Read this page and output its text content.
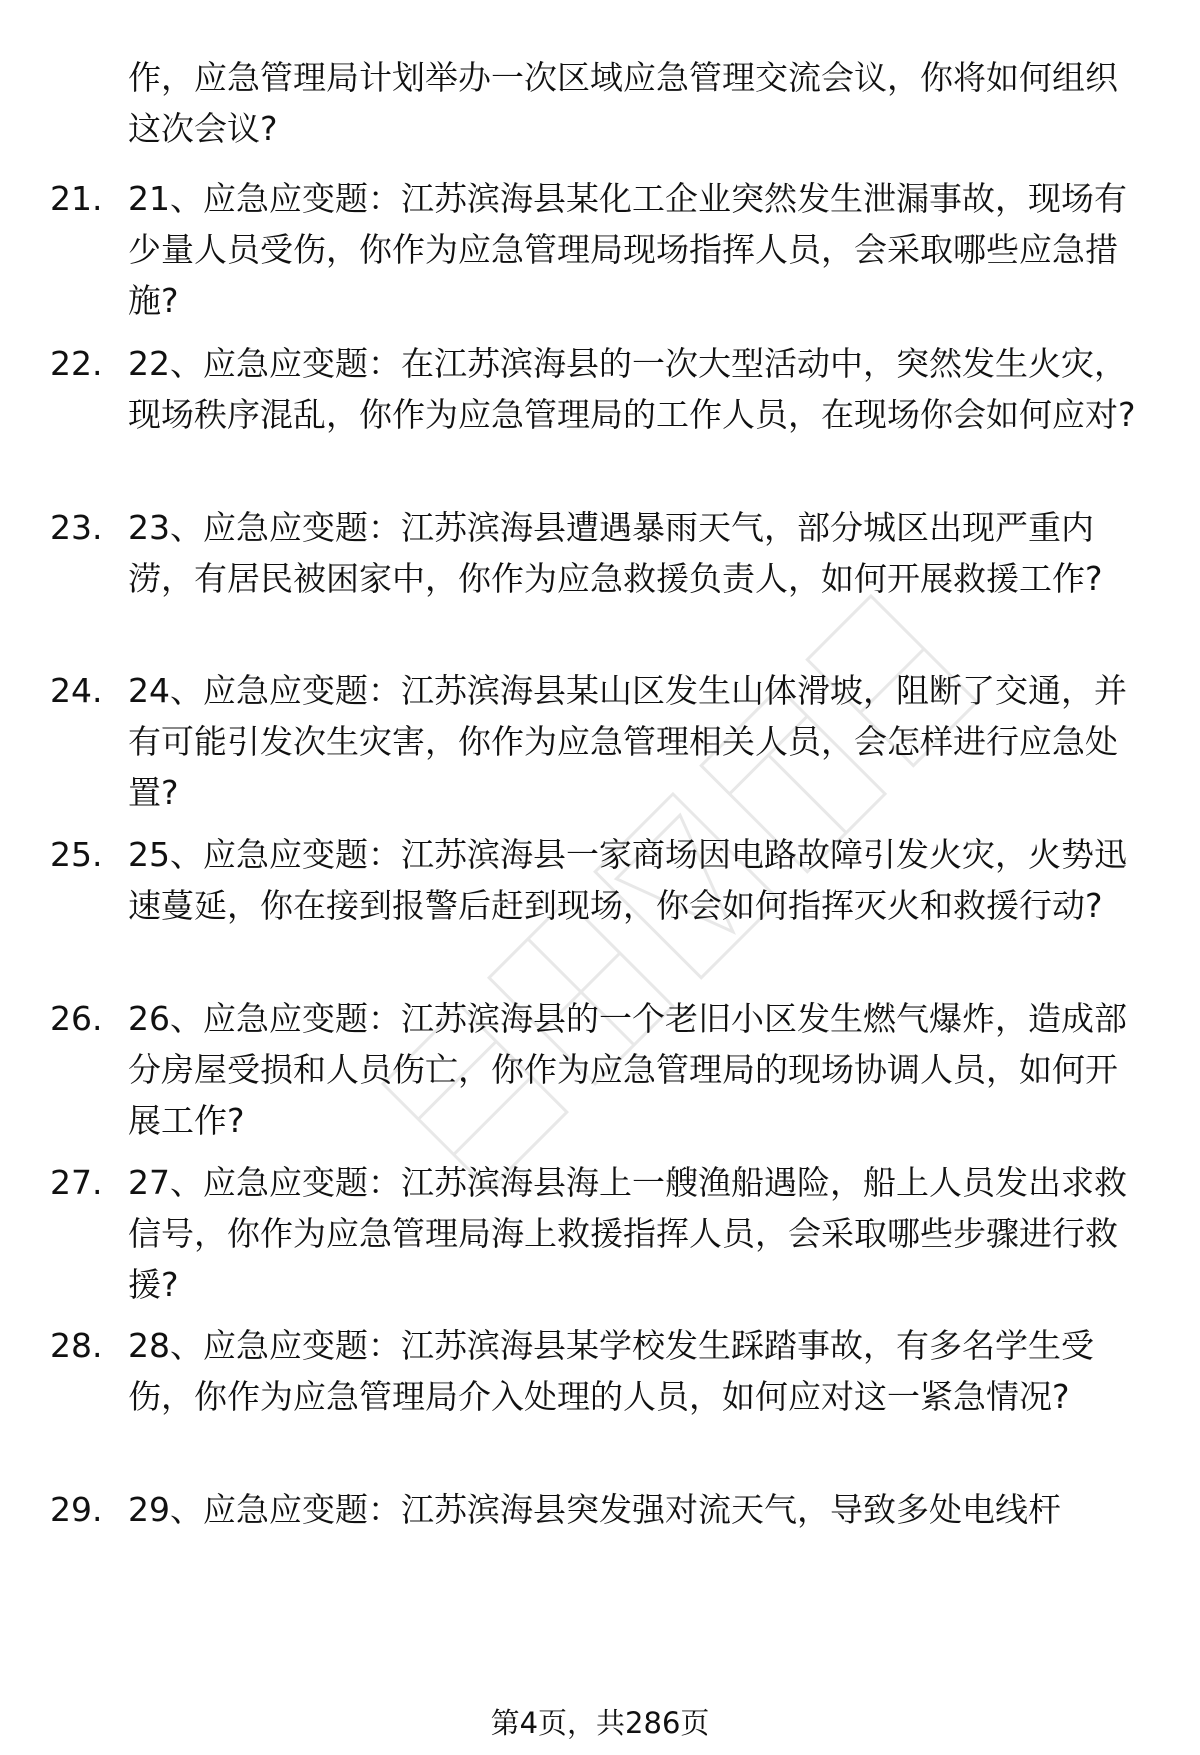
作，应急管理局计划举办一次区域应急管理交流会议，你将如何组织这次会议?
21. 21、应急应变题：江苏滨海县某化工企业突然发生泄漏事故，现场有少量人员受伤，你作为应急管理局现场指挥人员，会采取哪些应急措施?
22. 22、应急应变题：在江苏滨海县的一次大型活动中，突然发生火灾，现场秩序混乱，你作为应急管理局的工作人员，在现场你会如何应对?
23. 23、应急应变题：江苏滨海县遭遇暴雨天气，部分城区出现严重内涝，有居民被困家中，你作为应急救援负责人，如何开展救援工作?
24. 24、应急应变题：江苏滨海县某山区发生山体滑坡，阻断了交通，并有可能引发次生灾害，你作为应急管理相关人员，会怎样进行应急处置?
25. 25、应急应变题：江苏滨海县一家商场因电路故障引发火灾，火势迅速蔓延，你在接到报警后赶到现场，你会如何指挥灭火和救援行动?
26. 26、应急应变题：江苏滨海县的一个老旧小区发生燃气爆炸，造成部分房屋受损和人员伤亡，你作为应急管理局的现场协调人员，如何开展工作?
27. 27、应急应变题：江苏滨海县海上一艘渔船遇险，船上人员发出求救信号，你作为应急管理局海上救援指挥人员，会采取哪些步骤进行救援?
28. 28、应急应变题：江苏滨海县某学校发生踩踏事故，有多名学生受伤，你作为应急管理局介入处理的人员，如何应对这一紧急情况?
29. 29、应急应变题：江苏滨海县突发强对流天气，导致多处电线杆
第4页，共286页
